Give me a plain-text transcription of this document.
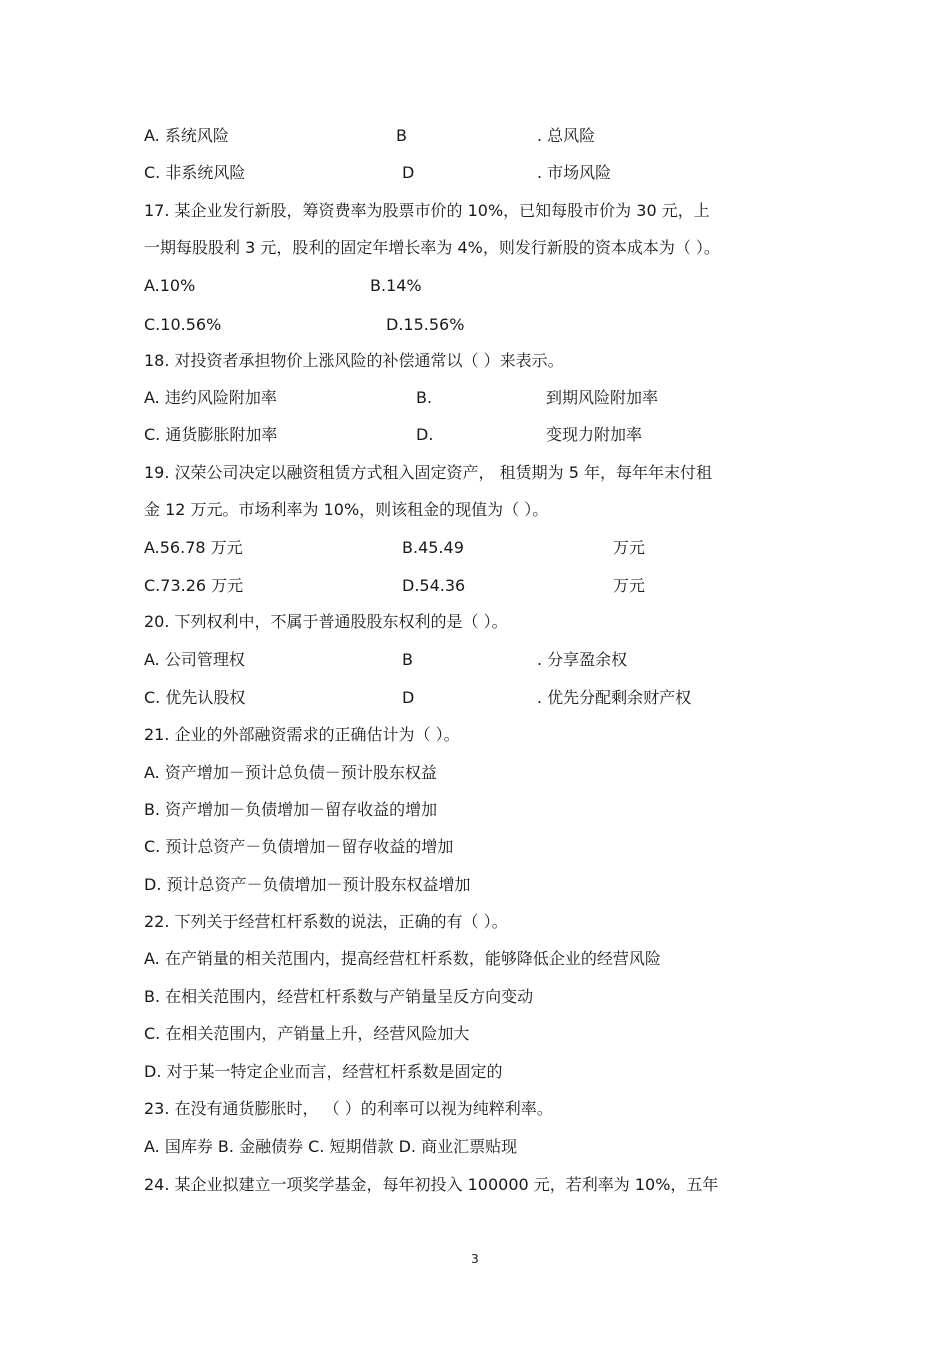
A. 系统风险	B	. 总风险
C. 非系统风险	D	. 市场风险
17. 某企业发行新股，筹资费率为股票市价的 10%，已知每股市价为 30 元，上
一期每股股利 3 元，股利的固定年增长率为 4%，则发行新股的资本成本为（ ）。
A.10%	B.14%
C.10.56%	D.15.56%
18. 对投资者承担物价上涨风险的补偿通常以（ ）来表示。
A. 违约风险附加率	B.	到期风险附加率
C. 通货膨胀附加率	D.	变现力附加率
19. 汉荣公司决定以融资租赁方式租入固定资产， 租赁期为 5 年，每年年末付租
金 12 万元。市场利率为 10%，则该租金的现值为（ ）。
A.56.78 万元	B.45.49	万元
C.73.26 万元	D.54.36	万元
20. 下列权利中，不属于普通股股东权利的是（ ）。
A. 公司管理权	B	. 分享盈余权
C. 优先认股权	D	. 优先分配剩余财产权
21. 企业的外部融资需求的正确估计为（ ）。
A. 资产增加－预计总负债－预计股东权益
B. 资产增加－负债增加－留存收益的增加
C. 预计总资产－负债增加－留存收益的增加
D. 预计总资产－负债增加－预计股东权益增加
22. 下列关于经营杠杆系数的说法，正确的有（ ）。
A. 在产销量的相关范围内，提高经营杠杆系数，能够降低企业的经营风险
B. 在相关范围内，经营杠杆系数与产销量呈反方向变动
C. 在相关范围内，产销量上升，经营风险加大
D. 对于某一特定企业而言，经营杠杆系数是固定的
23. 在没有通货膨胀时， （ ）的利率可以视为纯粹利率。
A. 国库券 B. 金融债券 C. 短期借款 D. 商业汇票贴现
24. 某企业拟建立一项奖学基金，每年初投入 100000 元，若利率为 10%，五年
3
